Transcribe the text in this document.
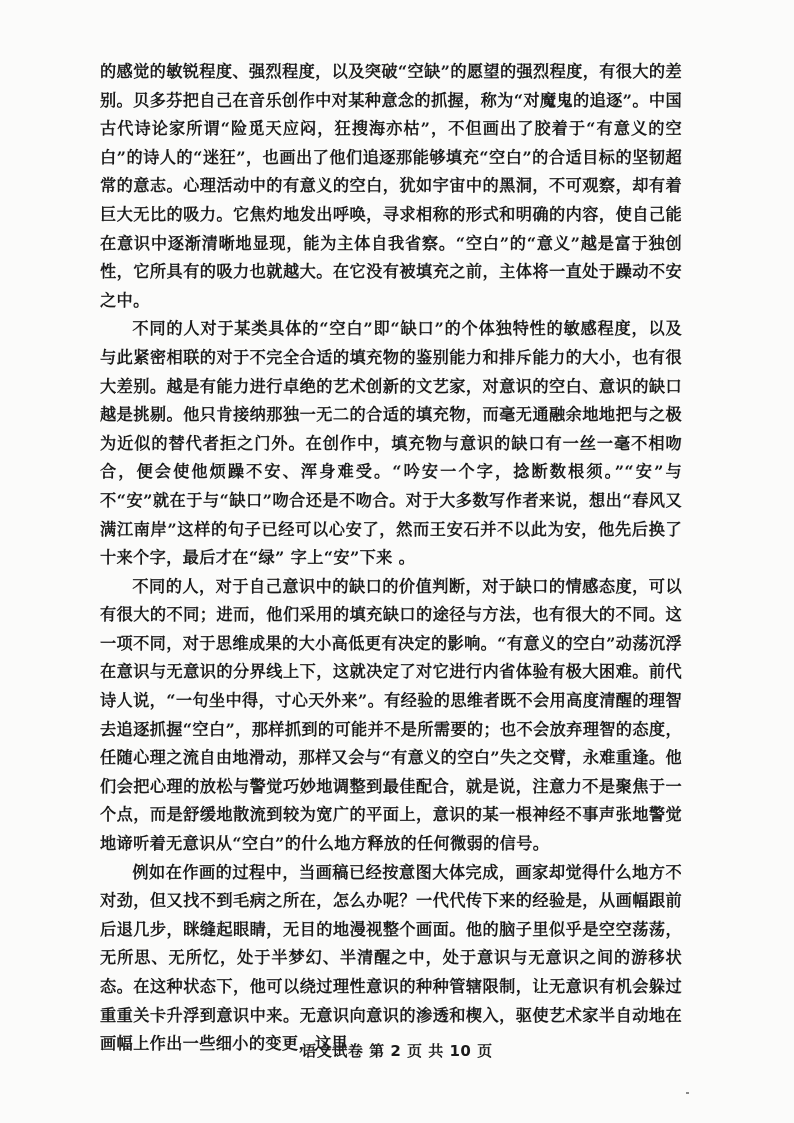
的感觉的敏锐程度、强烈程度，以及突破“空缺”的愿望的强烈程度，有很大的差别。贝多芬把自己在音乐创作中对某种意念的抓握，称为“对魔鬼的追逐”。中国古代诗论家所谓“险觅天应闷，狂搜海亦枯”，不但画出了胶着于“有意义的空白”的诗人的“迷狂”，也画出了他们追逐那能够填充“空白”的合适目标的坚韧超常的意志。心理活动中的有意义的空白，犹如宇宙中的黑洞，不可观察，却有着巨大无比的吸力。它焦灼地发出呼唤，寻求相称的形式和明确的内容，使自己能在意识中逐渐清晰地显现，能为主体自我省察。“空白”的“意义”越是富于独创性，它所具有的吸力也就越大。在它没有被填充之前，主体将一直处于躁动不安之中。

不同的人对于某类具体的“空白”即“缺口”的个体独特性的敏感程度，以及与此紧密相联的对于不完全合适的填充物的鉴别能力和排斥能力的大小，也有很大差别。越是有能力进行卓绝的艺术创新的文艺家，对意识的空白、意识的缺口越是挑剔。他只肯接纳那独一无二的合适的填充物，而毫无通融余地地把与之极为近似的替代者拒之门外。在创作中，填充物与意识的缺口有一丝一毫不相吻合，便会使他烦躁不安、浑身难受。“吟安一个字，捻断数根须。”“安”与不“安”就在于与“缺口”吻合还是不吻合。对于大多数写作者来说，想出“春风又满江南岸”这样的句子已经可以心安了，然而王安石并不以此为安，他先后换了十来个字，最后才在“绿” 字上“安”下来 。

不同的人，对于自己意识中的缺口的价值判断，对于缺口的情感态度，可以有很大的不同；进而，他们采用的填充缺口的途径与方法，也有很大的不同。这一项不同，对于思维成果的大小高低更有决定的影响。“有意义的空白”动荡沉浮在意识与无意识的分界线上下，这就决定了对它进行内省体验有极大困难。前代诗人说，“一句坐中得，寸心天外来”。有经验的思维者既不会用高度清醒的理智去追逐抓握“空白”，那样抓到的可能并不是所需要的；也不会放弃理智的态度，任随心理之流自由地滑动，那样又会与“有意义的空白”失之交臂，永难重逢。他们会把心理的放松与警觉巧妙地调整到最佳配合，就是说，注意力不是聚焦于一个点，而是舒缓地散流到较为宽广的平面上，意识的某一根神经不事声张地警觉地谛听着无意识从“空白”的什么地方释放的任何微弱的信号。

例如在作画的过程中，当画稿已经按意图大体完成，画家却觉得什么地方不对劲，但又找不到毛病之所在，怎么办呢？一代代传下来的经验是，从画幅跟前后退几步，眯缝起眼睛，无目的地漫视整个画面。他的脑子里似乎是空空荡荡，无所思、无所忆，处于半梦幻、半清醒之中，处于意识与无意识之间的游移状态。在这种状态下，他可以绕过理性意识的种种管辖限制，让无意识有机会躲过重重关卡升浮到意识中来。无意识向意识的渗透和楔入，驱使艺术家半自动地在画幅上作出一些细小的变更，这里

语文试卷 第 2 页 共 10 页
